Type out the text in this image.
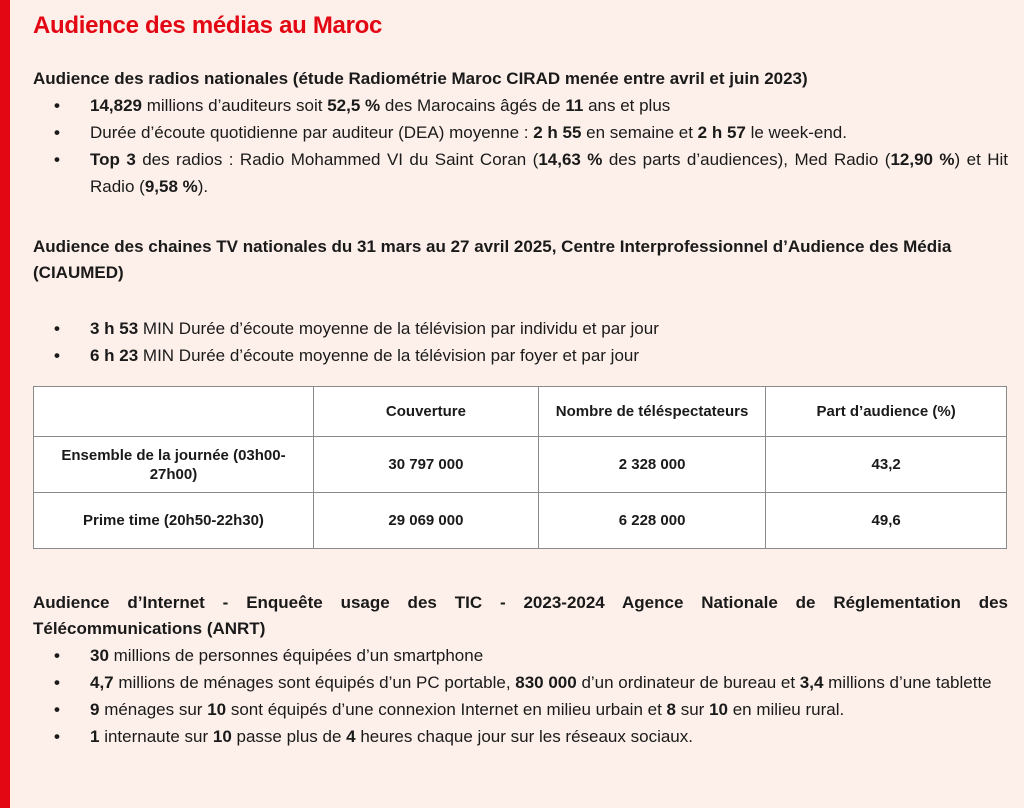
Audience des médias au Maroc

Audience des radios nationales (étude Radiométrie Maroc CIRAD menée entre avril et juin 2023)

• 14,829 millions d’auditeurs soit 52,5 % des Marocains âgés de 11 ans et plus
• Durée d’écoute quotidienne par auditeur (DEA) moyenne : 2 h 55 en semaine et 2 h 57 le week-end.
• Top 3 des radios : Radio Mohammed VI du Saint Coran (14,63 % des parts d’audiences), Med Radio (12,90 %) et Hit Radio (9,58 %).

Audience des chaines TV nationales du 31 mars au 27 avril 2025, Centre Interprofessionnel d’Audience des Média (CIAUMED)

• 3 h 53 MIN Durée d’écoute moyenne de la télévision par individu et par jour
• 6 h 23 MIN Durée d’écoute moyenne de la télévision par foyer et par jour
	Couverture	Nombre de téléspectateurs	Part d’audience (%)
Ensemble de la journée (03h00-27h00)	30 797 000	2 328 000	43,2
Prime time (20h50-22h30)	29 069 000	6 228 000	49,6

Audience d’Internet - Enqueête usage des TIC - 2023-2024 Agence Nationale de Réglementation des Télécommunications (ANRT)

• 30 millions de personnes équipées d’un smartphone
• 4,7 millions de ménages sont équipés d’un PC portable, 830 000 d’un ordinateur de bureau et 3,4 millions d’une tablette
• 9 ménages sur 10 sont équipés d’une connexion Internet en milieu urbain et 8 sur 10 en milieu rural.
• 1 internaute sur 10 passe plus de 4 heures chaque jour sur les réseaux sociaux.
